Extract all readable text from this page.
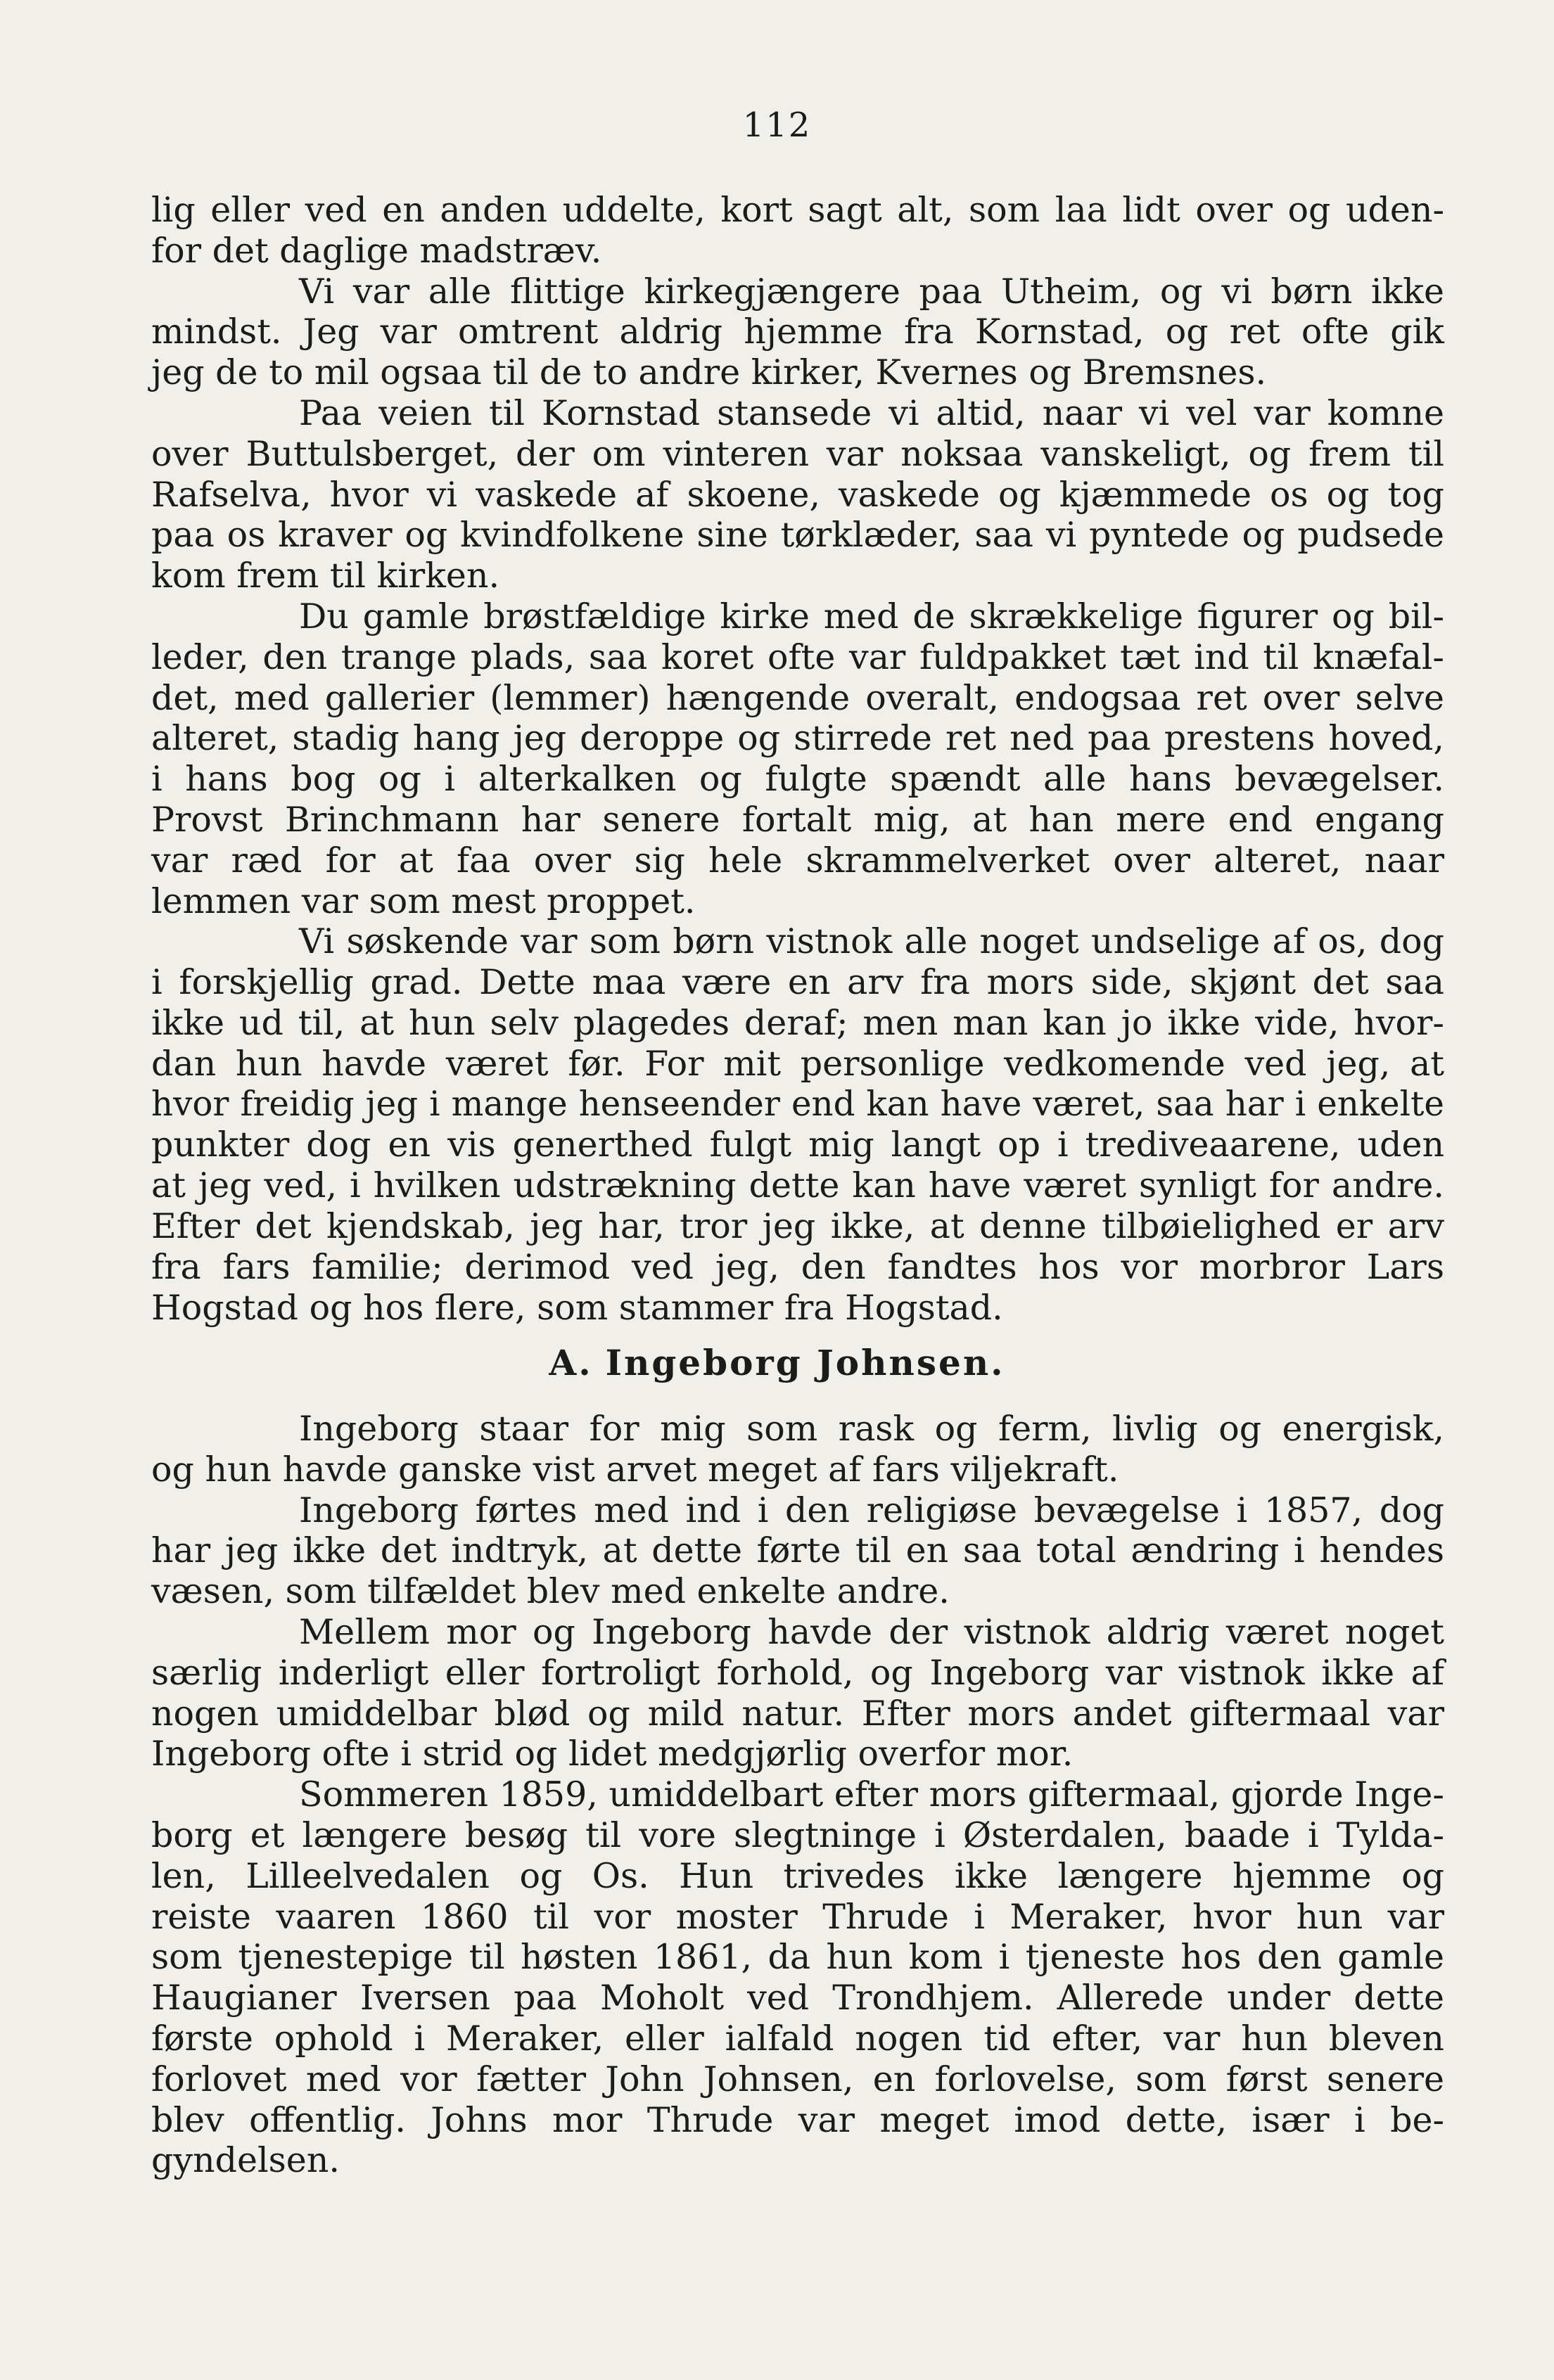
112
lig eller ved en anden uddelte, kort sagt alt, som laa lidt over og uden-
for det daglige madstræv.
Vi var alle flittige kirkegjængere paa Utheim, og vi børn ikke
mindst. Jeg var omtrent aldrig hjemme fra Kornstad, og ret ofte gik
jeg de to mil ogsaa til de to andre kirker, Kvernes og Bremsnes.
Paa veien til Kornstad stansede vi altid, naar vi vel var komne
over Buttulsberget, der om vinteren var noksaa vanskeligt, og frem til
Rafselva, hvor vi vaskede af skoene, vaskede og kjæmmede os og tog
paa os kraver og kvindfolkene sine tørklæder, saa vi pyntede og pudsede
kom frem til kirken.
Du gamle brøstfældige kirke med de skrækkelige figurer og bil-
leder, den trange plads, saa koret ofte var fuldpakket tæt ind til knæfal-
det, med gallerier (lemmer) hængende overalt, endogsaa ret over selve
alteret, stadig hang jeg deroppe og stirrede ret ned paa prestens hoved,
i hans bog og i alterkalken og fulgte spændt alle hans bevægelser.
Provst Brinchmann har senere fortalt mig, at han mere end engang
var ræd for at faa over sig hele skrammelverket over alteret, naar
lemmen var som mest proppet.
Vi søskende var som børn vistnok alle noget undselige af os, dog
i forskjellig grad. Dette maa være en arv fra mors side, skjønt det saa
ikke ud til, at hun selv plagedes deraf; men man kan jo ikke vide, hvor-
dan hun havde været før. For mit personlige vedkomende ved jeg, at
hvor freidig jeg i mange henseender end kan have været, saa har i enkelte
punkter dog en vis generthed fulgt mig langt op i trediveaarene, uden
at jeg ved, i hvilken udstrækning dette kan have været synligt for andre.
Efter det kjendskab, jeg har, tror jeg ikke, at denne tilbøielighed er arv
fra fars familie; derimod ved jeg, den fandtes hos vor morbror Lars
Hogstad og hos flere, som stammer fra Hogstad.
A. Ingeborg Johnsen.
Ingeborg staar for mig som rask og ferm, livlig og energisk,
og hun havde ganske vist arvet meget af fars viljekraft.
Ingeborg førtes med ind i den religiøse bevægelse i 1857, dog
har jeg ikke det indtryk, at dette førte til en saa total ændring i hendes
væsen, som tilfældet blev med enkelte andre.
Mellem mor og Ingeborg havde der vistnok aldrig været noget
særlig inderligt eller fortroligt forhold, og Ingeborg var vistnok ikke af
nogen umiddelbar blød og mild natur. Efter mors andet giftermaal var
Ingeborg ofte i strid og lidet medgjørlig overfor mor.
Sommeren 1859, umiddelbart efter mors giftermaal, gjorde Inge-
borg et længere besøg til vore slegtninge i Østerdalen, baade i Tylda-
len, Lilleelvedalen og Os. Hun trivedes ikke længere hjemme og
reiste vaaren 1860 til vor moster Thrude i Meraker, hvor hun var
som tjenestepige til høsten 1861, da hun kom i tjeneste hos den gamle
Haugianer Iversen paa Moholt ved Trondhjem. Allerede under dette
første ophold i Meraker, eller ialfald nogen tid efter, var hun bleven
forlovet med vor fætter John Johnsen, en forlovelse, som først senere
blev offentlig. Johns mor Thrude var meget imod dette, især i be-
gyndelsen.
